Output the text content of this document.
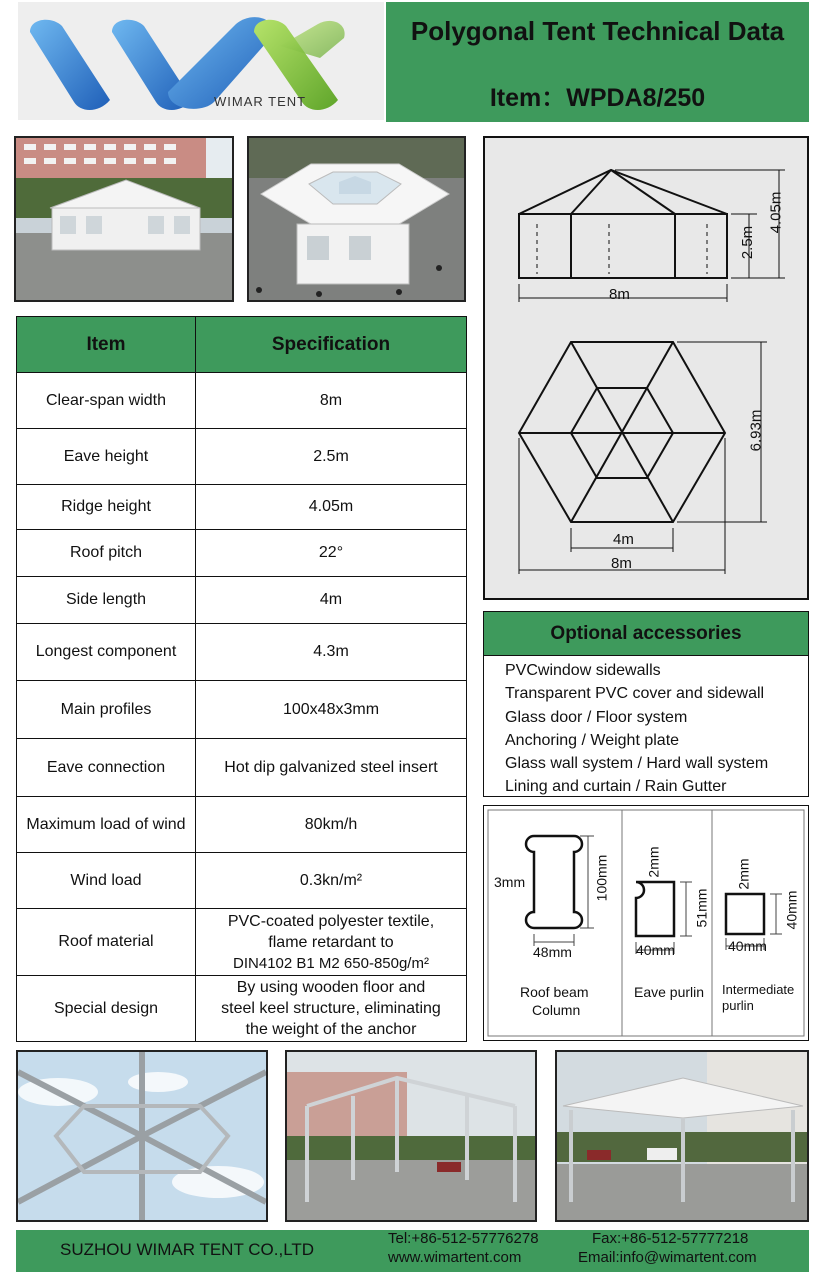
WIMAR TENT
Polygonal Tent Technical Data
Item：WPDA8/250
Item	Specification
Clear-span width	8m
Eave height	2.5m
Ridge height	4.05m
Roof pitch	22°
Side length	4m
Longest component	4.3m
Main profiles	100x48x3mm
Eave connection	Hot dip galvanized steel insert
Maximum load of wind	80km/h
Wind load	0.3kn/m²
Roof material	PVC-coated polyester textile,
flame retardant to
DIN4102 B1 M2 650-850g/m²

Special design	By using wooden floor and
steel keel structure, eliminating
the weight of the anchor
8m
2.5m
4.05m
6.93m
4m
8m
Optional accessories
PVCwindow sidewalls
Transparent PVC cover and sidewall
Glass door / Floor system
Anchoring / Weight plate
Glass wall system / Hard wall system
Lining and curtain / Rain Gutter
3mm	100mm
48mm
Roof beam
Column
2mm
51mm
40mm
Eave purlin
2mm
40mm
40mm
Intermediate
purlin
SUZHOU WIMAR TENT CO.,LTD
Tel:+86-512-57776278
www.wimartent.com
Fax:+86-512-57777218
Email:info@wimartent.com
